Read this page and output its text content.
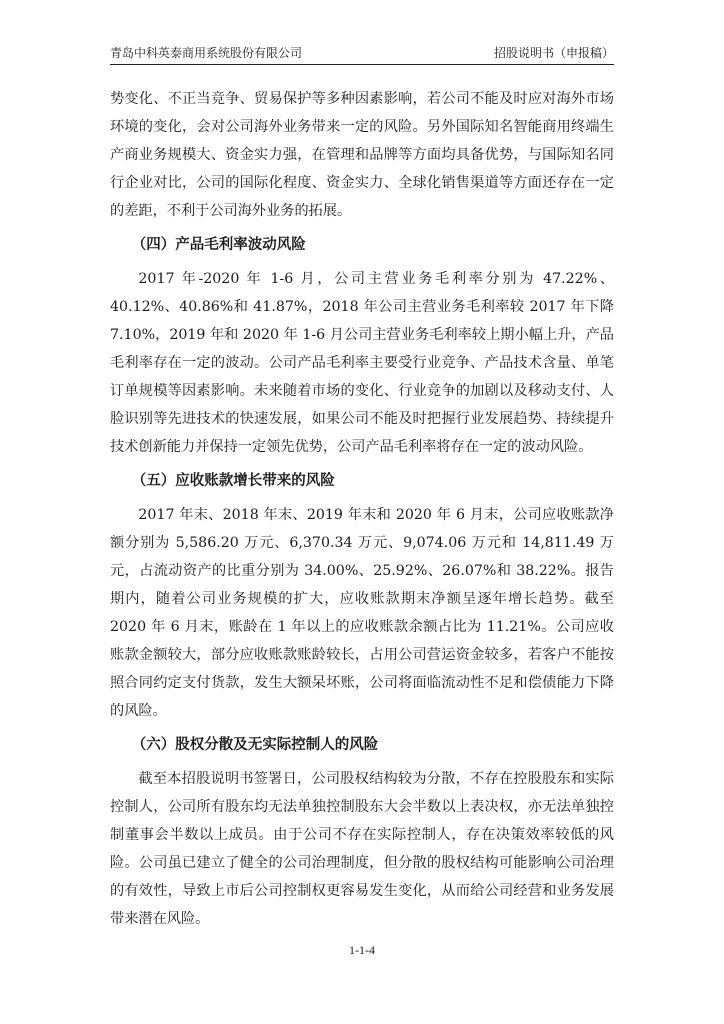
青岛中科英泰商用系统股份有限公司	招股说明书（申报稿）

势变化、不正当竞争、贸易保护等多种因素影响，若公司不能及时应对海外市场环境的变化，会对公司海外业务带来一定的风险。另外国际知名智能商用终端生产商业务规模大、资金实力强，在管理和品牌等方面均具备优势，与国际知名同行企业对比，公司的国际化程度、资金实力、全球化销售渠道等方面还存在一定的差距，不利于公司海外业务的拓展。

（四）产品毛利率波动风险

2017 年-2020 年 1-6 月，公司主营业务毛利率分别为 47.22%、40.12%、40.86%和 41.87%，2018 年公司主营业务毛利率较 2017 年下降 7.10%，2019 年和 2020 年 1-6 月公司主营业务毛利率较上期小幅上升，产品毛利率存在一定的波动。公司产品毛利率主要受行业竞争、产品技术含量、单笔订单规模等因素影响。未来随着市场的变化、行业竞争的加剧以及移动支付、人脸识别等先进技术的快速发展，如果公司不能及时把握行业发展趋势、持续提升技术创新能力并保持一定领先优势，公司产品毛利率将存在一定的波动风险。

（五）应收账款增长带来的风险

2017 年末、2018 年末、2019 年末和 2020 年 6 月末，公司应收账款净额分别为 5,586.20 万元、6,370.34 万元、9,074.06 万元和 14,811.49 万元，占流动资产的比重分别为 34.00%、25.92%、26.07%和 38.22%。报告期内，随着公司业务规模的扩大，应收账款期末净额呈逐年增长趋势。截至 2020 年 6 月末，账龄在 1 年以上的应收账款余额占比为 11.21%。公司应收账款金额较大，部分应收账款账龄较长，占用公司营运资金较多，若客户不能按照合同约定支付货款，发生大额呆坏账，公司将面临流动性不足和偿债能力下降的风险。

（六）股权分散及无实际控制人的风险

截至本招股说明书签署日，公司股权结构较为分散，不存在控股股东和实际控制人，公司所有股东均无法单独控制股东大会半数以上表决权，亦无法单独控制董事会半数以上成员。由于公司不存在实际控制人，存在决策效率较低的风险。公司虽已建立了健全的公司治理制度，但分散的股权结构可能影响公司治理的有效性，导致上市后公司控制权更容易发生变化，从而给公司经营和业务发展带来潜在风险。

1-1-4
